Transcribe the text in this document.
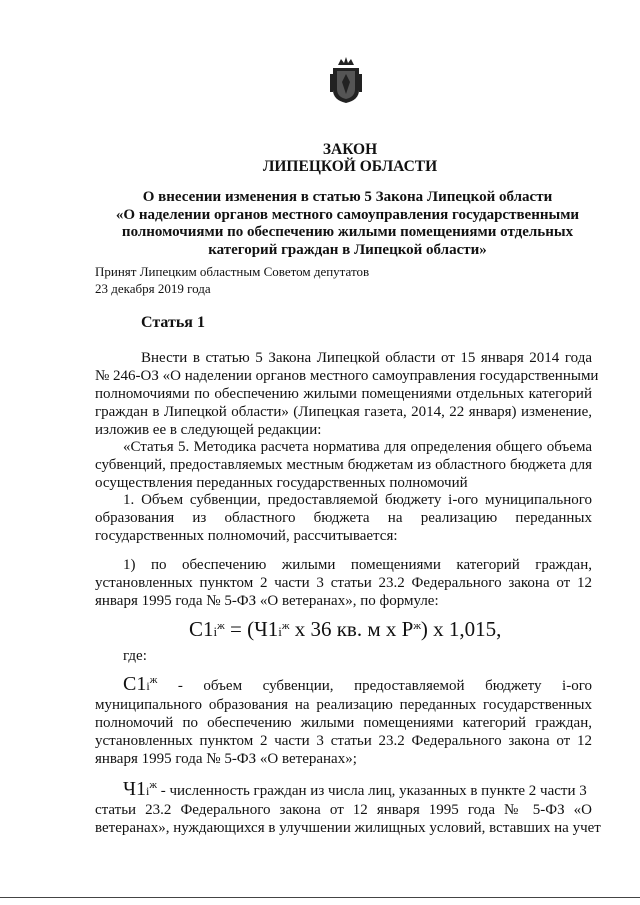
ЗАКОН
ЛИПЕЦКОЙ ОБЛАСТИ
О внесении изменения в статью 5 Закона Липецкой области
«О наделении органов местного самоуправления государственными
полномочиями по обеспечению жилыми помещениями отдельных
категорий граждан в Липецкой области»
Принят Липецким областным Советом депутатов
23 декабря 2019 года
Статья 1
Внести в статью 5 Закона Липецкой области от 15 января 2014 года
№ 246-ОЗ «О наделении органов местного самоуправления государственными
полномочиями по обеспечению жилыми помещениями отдельных категорий
граждан в Липецкой области» (Липецкая газета, 2014, 22 января) изменение,
изложив ее в следующей редакции:
«Статья 5. Методика расчета норматива для определения общего объема
субвенций, предоставляемых местным бюджетам из областного бюджета для
осуществления переданных государственных полномочий
1. Объем субвенции, предоставляемой бюджету i-ого муниципального
образования из областного бюджета на реализацию переданных
государственных полномочий, рассчитывается:
1) по обеспечению жилыми помещениями категорий граждан,
установленных пунктом 2 части 3 статьи 23.2 Федерального закона от 12
января 1995 года № 5-ФЗ «О ветеранах», по формуле:
$С1i^ж = (Ч1i^ж$ х 36 кв. м х $Р^ж$) х 1,015,
где:
$С1i^ж$ - объем субвенции, предоставляемой бюджету i-ого
муниципального образования на реализацию переданных государственных
полномочий по обеспечению жилыми помещениями категорий граждан,
установленных пунктом 2 части 3 статьи 23.2 Федерального закона от 12
января 1995 года № 5-ФЗ «О ветеранах»;
$Ч1i^ж$ - численность граждан из числа лиц, указанных в пункте 2 части 3
статьи 23.2 Федерального закона от 12 января 1995 года № 5-ФЗ «О
ветеранах», нуждающихся в улучшении жилищных условий, вставших на учет
